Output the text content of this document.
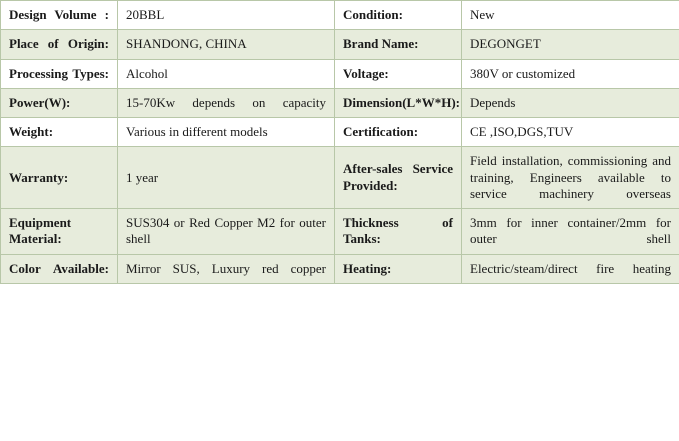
Design Volume :	20BBL	Condition:	New

Place of Origin:	SHANDONG, CHINA	Brand Name:	DEGONGET

Processing Types:	Alcohol	Voltage:	380V or customized

Power(W):	15-70Kw depends on capacity	Dimension(L*W*H):	Depends

Weight:	Various in different models	Certification:	CE ,ISO,DGS,TUV

Warranty:	1 year	After-sales Service Provided:	Field installation, commissioning and training, Engineers available to service machinery overseas

Equipment Material:	SUS304 or Red Copper M2 for outer shell	Thickness of Tanks:	3mm for inner container/2mm for outer shell

Color Available:	Mirror SUS, Luxury red copper	Heating:	Electric/steam/direct fire heating
